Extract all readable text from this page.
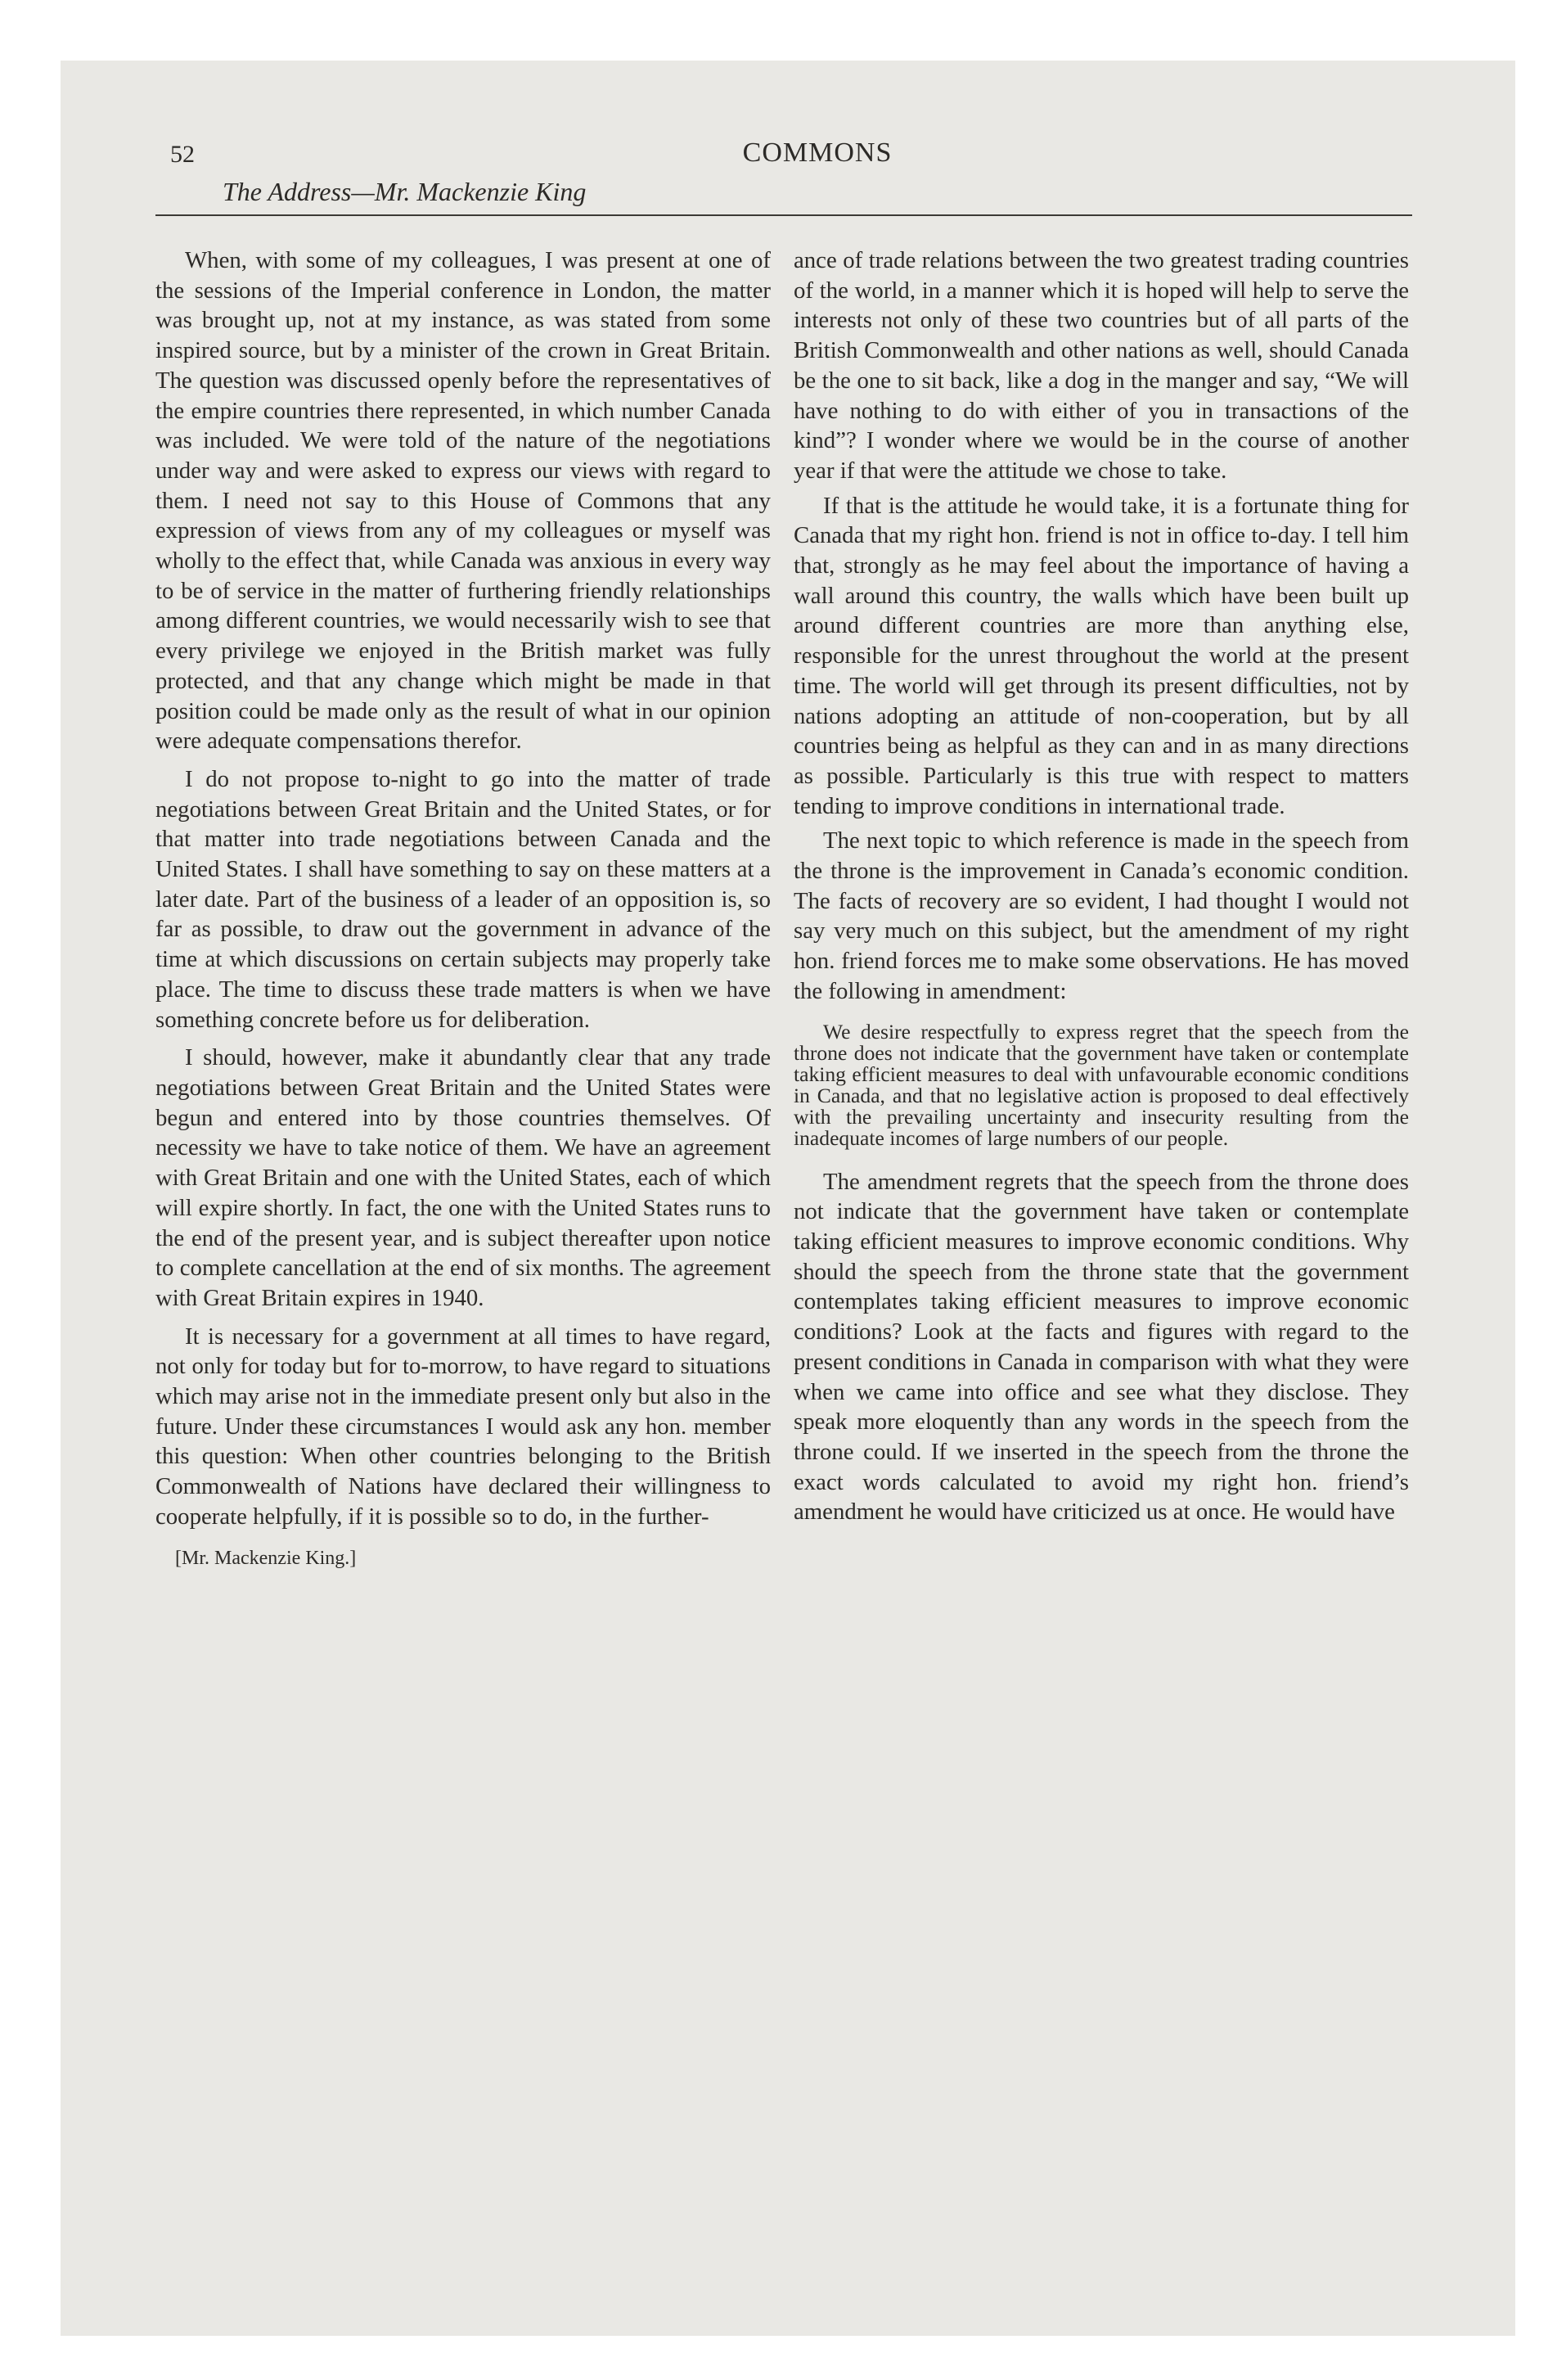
52	COMMONS
The Address—Mr. Mackenzie King

When, with some of my colleagues, I was present at one of the sessions of the Imperial conference in London, the matter was brought up, not at my instance, as was stated from some inspired source, but by a minister of the crown in Great Britain. The question was discussed openly before the representatives of the empire countries there represented, in which number Canada was included. We were told of the nature of the negotiations under way and were asked to express our views with regard to them. I need not say to this House of Commons that any expression of views from any of my colleagues or myself was wholly to the effect that, while Canada was anxious in every way to be of service in the matter of furthering friendly relationships among different countries, we would necessarily wish to see that every privilege we enjoyed in the British market was fully protected, and that any change which might be made in that position could be made only as the result of what in our opinion were adequate compensations therefor.

I do not propose to-night to go into the matter of trade negotiations between Great Britain and the United States, or for that matter into trade negotiations between Canada and the United States. I shall have something to say on these matters at a later date. Part of the business of a leader of an opposition is, so far as possible, to draw out the government in advance of the time at which discussions on certain subjects may properly take place. The time to discuss these trade matters is when we have something concrete before us for deliberation.

I should, however, make it abundantly clear that any trade negotiations between Great Britain and the United States were begun and entered into by those countries themselves. Of necessity we have to take notice of them. We have an agreement with Great Britain and one with the United States, each of which will expire shortly. In fact, the one with the United States runs to the end of the present year, and is subject thereafter upon notice to complete cancellation at the end of six months. The agreement with Great Britain expires in 1940.

It is necessary for a government at all times to have regard, not only for today but for to-morrow, to have regard to situations which may arise not in the immediate present only but also in the future. Under these circumstances I would ask any hon. member this question: When other countries belonging to the British Commonwealth of Nations have declared their willingness to cooperate helpfully, if it is possible so to do, in the further-

[Mr. Mackenzie King.]

ance of trade relations between the two greatest trading countries of the world, in a manner which it is hoped will help to serve the interests not only of these two countries but of all parts of the British Commonwealth and other nations as well, should Canada be the one to sit back, like a dog in the manger and say, “We will have nothing to do with either of you in transactions of the kind”? I wonder where we would be in the course of another year if that were the attitude we chose to take.

If that is the attitude he would take, it is a fortunate thing for Canada that my right hon. friend is not in office to-day. I tell him that, strongly as he may feel about the importance of having a wall around this country, the walls which have been built up around different countries are more than anything else, responsible for the unrest throughout the world at the present time. The world will get through its present difficulties, not by nations adopting an attitude of non-cooperation, but by all countries being as helpful as they can and in as many directions as possible. Particularly is this true with respect to matters tending to improve conditions in international trade.

The next topic to which reference is made in the speech from the throne is the improvement in Canada’s economic condition. The facts of recovery are so evident, I had thought I would not say very much on this subject, but the amendment of my right hon. friend forces me to make some observations. He has moved the following in amendment:

We desire respectfully to express regret that the speech from the throne does not indicate that the government have taken or contemplate taking efficient measures to deal with unfavourable economic conditions in Canada, and that no legislative action is proposed to deal effectively with the prevailing uncertainty and insecurity resulting from the inadequate incomes of large numbers of our people.

The amendment regrets that the speech from the throne does not indicate that the government have taken or contemplate taking efficient measures to improve economic conditions. Why should the speech from the throne state that the government contemplates taking efficient measures to improve economic conditions? Look at the facts and figures with regard to the present conditions in Canada in comparison with what they were when we came into office and see what they disclose. They speak more eloquently than any words in the speech from the throne could. If we inserted in the speech from the throne the exact words calculated to avoid my right hon. friend’s amendment he would have criticized us at once. He would have
